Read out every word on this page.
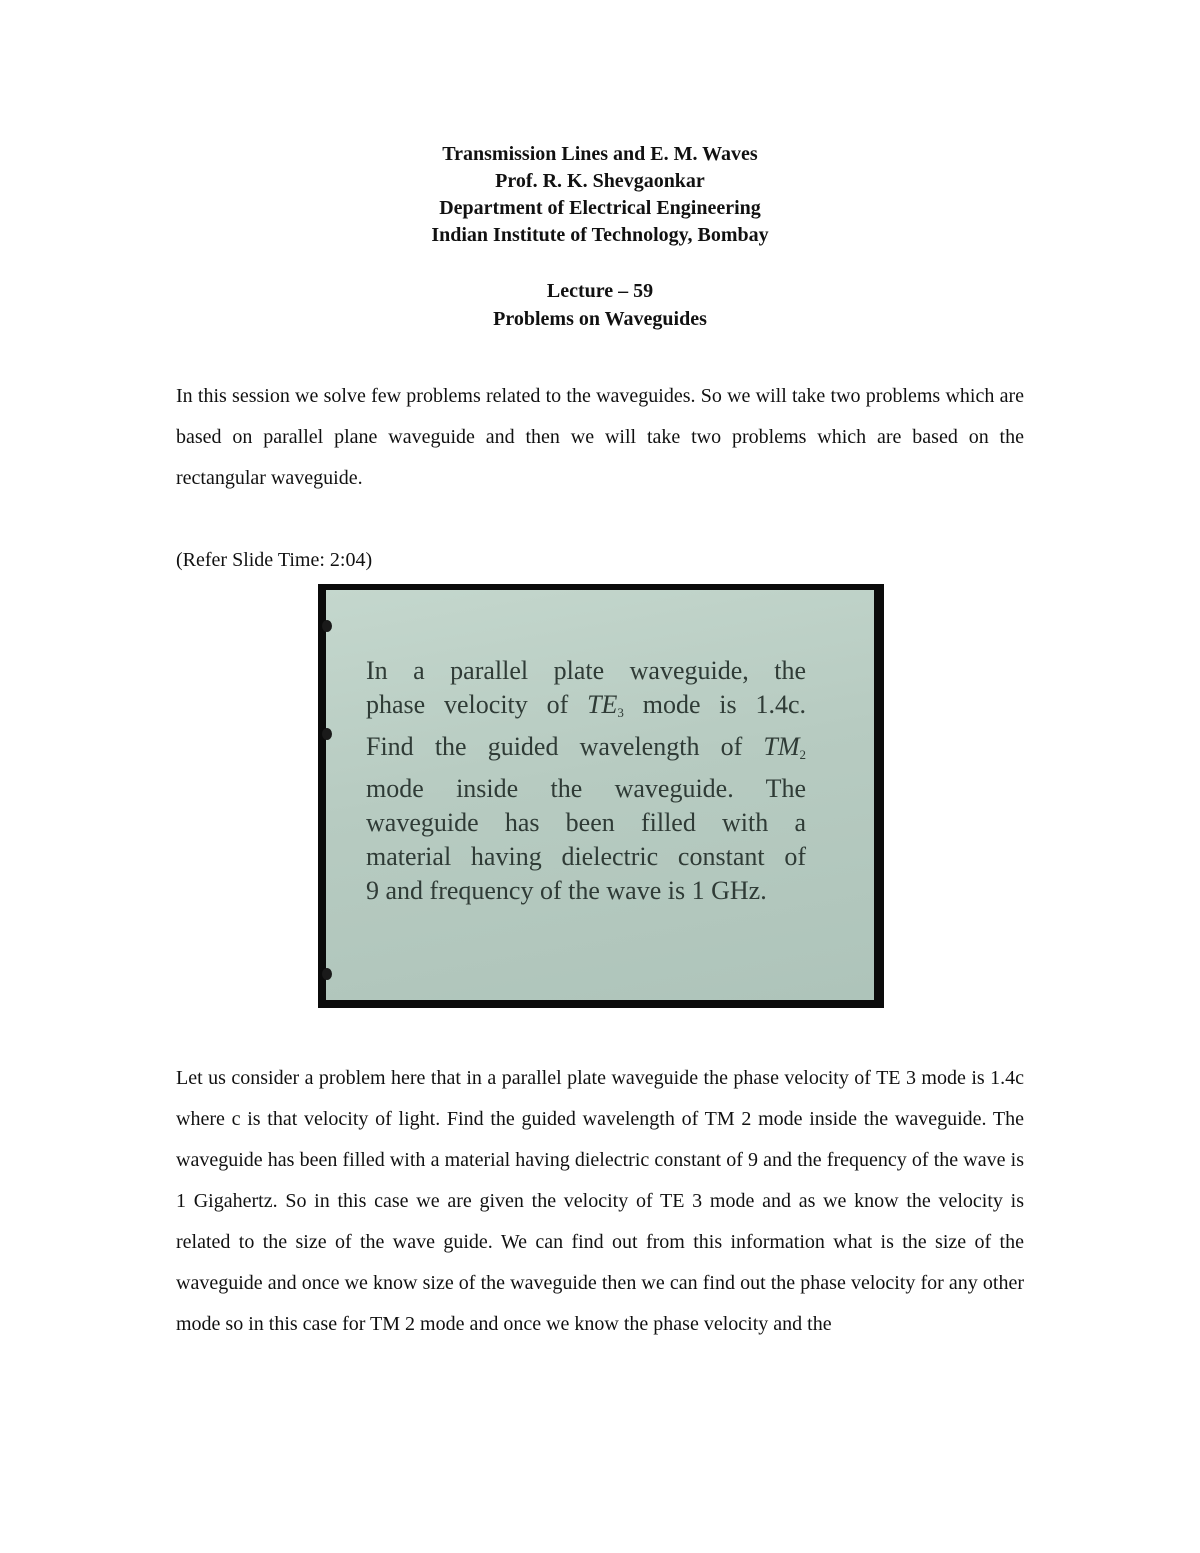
Transmission Lines and E. M. Waves
Prof. R. K. Shevgaonkar
Department of Electrical Engineering
Indian Institute of Technology, Bombay
Lecture – 59
Problems on Waveguides

In this session we solve few problems related to the waveguides. So we will take two problems which are based on parallel plane waveguide and then we will take two problems which are based on the rectangular waveguide.

(Refer Slide Time: 2:04)
In a parallel plate waveguide, the
phase velocity of $TE_3$ mode is 1.4c.
Find the guided wavelength of $TM_2$
mode inside the waveguide. The
waveguide has been filled with a
material having dielectric constant of
9 and frequency of the wave is 1 GHz.

Let us consider a problem here that in a parallel plate waveguide the phase velocity of TE 3 mode is 1.4c where c is that velocity of light. Find the guided wavelength of TM 2 mode inside the waveguide. The waveguide has been filled with a material having dielectric constant of 9 and the frequency of the wave is 1 Gigahertz. So in this case we are given the velocity of TE 3 mode and as we know the velocity is related to the size of the wave guide. We can find out from this information what is the size of the waveguide and once we know size of the waveguide then we can find out the phase velocity for any other mode so in this case for TM 2 mode and once we know the phase velocity and the
